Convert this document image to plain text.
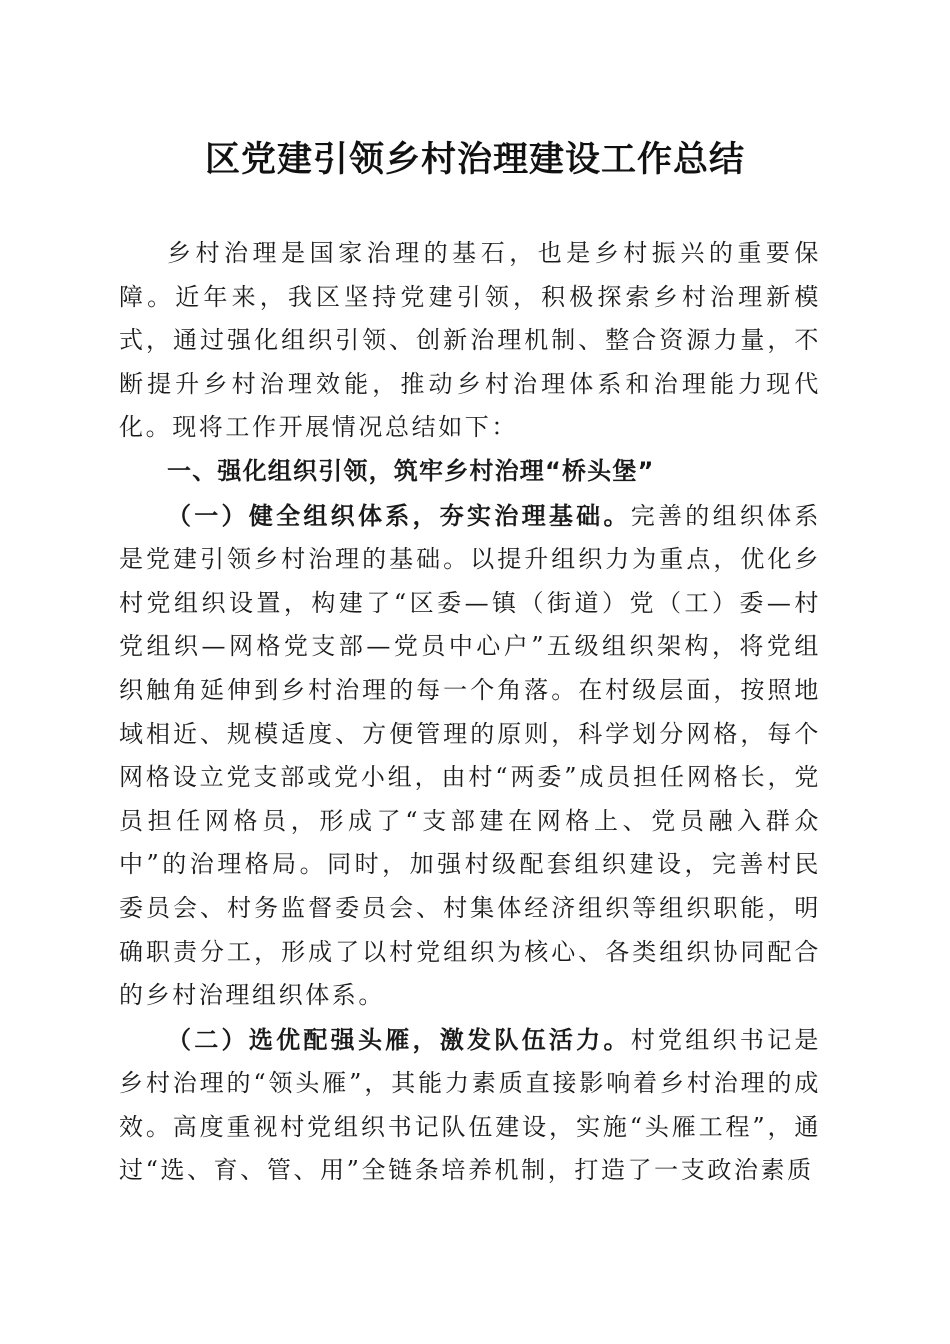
区党建引领乡村治理建设工作总结

乡村治理是国家治理的基石，也是乡村振兴的重要保障。近年来，我区坚持党建引领，积极探索乡村治理新模式，通过强化组织引领、创新治理机制、整合资源力量，不断提升乡村治理效能，推动乡村治理体系和治理能力现代化。现将工作开展情况总结如下：

一、强化组织引领，筑牢乡村治理“桥头堡”

（一）健全组织体系，夯实治理基础。完善的组织体系是党建引领乡村治理的基础。以提升组织力为重点，优化乡村党组织设置，构建了“区委—镇（街道）党（工）委—村党组织—网格党支部—党员中心户”五级组织架构，将党组织触角延伸到乡村治理的每一个角落。在村级层面，按照地域相近、规模适度、方便管理的原则，科学划分网格，每个网格设立党支部或党小组，由村“两委”成员担任网格长，党员担任网格员，形成了“支部建在网格上、党员融入群众中”的治理格局。同时，加强村级配套组织建设，完善村民委员会、村务监督委员会、村集体经济组织等组织职能，明确职责分工，形成了以村党组织为核心、各类组织协同配合的乡村治理组织体系。

（二）选优配强头雁，激发队伍活力。村党组织书记是乡村治理的“领头雁”，其能力素质直接影响着乡村治理的成效。高度重视村党组织书记队伍建设，实施“头雁工程”，通过“选、育、管、用”全链条培养机制，打造了一支政治素质
